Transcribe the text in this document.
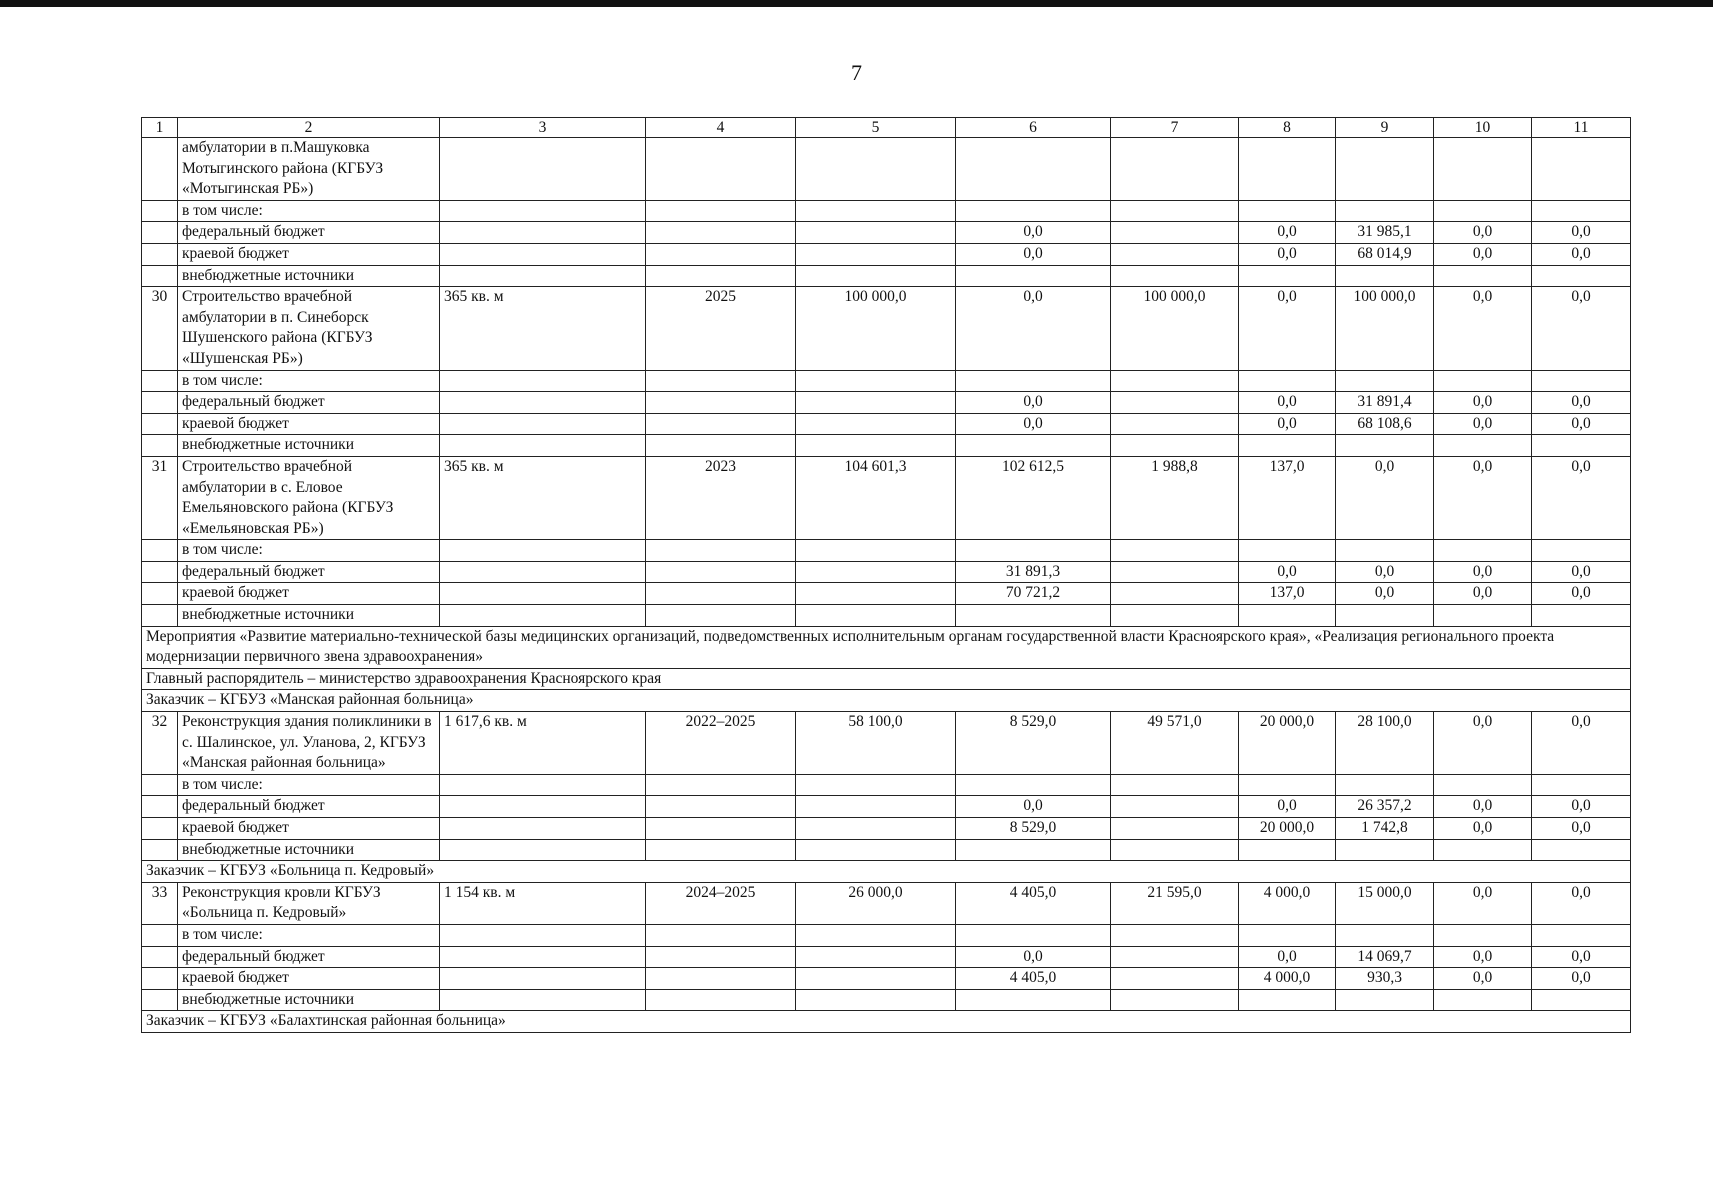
7
1	2	3	4	5	6	7	8	9	10	11
	амбулатории в п.Машуковка Мотыгинского района (КГБУЗ «Мотыгинская РБ»)									
	в том числе:									
	федеральный бюджет				0,0		0,0	31 985,1	0,0	0,0
	краевой бюджет				0,0		0,0	68 014,9	0,0	0,0
	внебюджетные источники									
30	Строительство врачебной амбулатории в п. Синеборск Шушенского района (КГБУЗ «Шушенская РБ»)	365 кв. м	2025	100 000,0	0,0	100 000,0	0,0	100 000,0	0,0	0,0
	в том числе:									
	федеральный бюджет				0,0		0,0	31 891,4	0,0	0,0
	краевой бюджет				0,0		0,0	68 108,6	0,0	0,0
	внебюджетные источники									
31	Строительство врачебной амбулатории в с. Еловое Емельяновского района (КГБУЗ «Емельяновская РБ»)	365 кв. м	2023	104 601,3	102 612,5	1 988,8	137,0	0,0	0,0	0,0
	в том числе:									
	федеральный бюджет				31 891,3		0,0	0,0	0,0	0,0
	краевой бюджет				70 721,2		137,0	0,0	0,0	0,0
	внебюджетные источники									
Мероприятия «Развитие материально-технической базы медицинских организаций, подведомственных исполнительным органам государственной власти Красноярского края», «Реализация регионального проекта модернизации первичного звена здравоохранения»										
Главный распорядитель – министерство здравоохранения Красноярского края										
Заказчик – КГБУЗ «Манская районная больница»										
32	Реконструкция здания поликлиники в с. Шалинское, ул. Уланова, 2, КГБУЗ «Манская районная больница»	1 617,6 кв. м	2022–2025	58 100,0	8 529,0	49 571,0	20 000,0	28 100,0	0,0	0,0
	в том числе:									
	федеральный бюджет				0,0		0,0	26 357,2	0,0	0,0
	краевой бюджет				8 529,0		20 000,0	1 742,8	0,0	0,0
	внебюджетные источники									
Заказчик – КГБУЗ «Больница п. Кедровый»										
33	Реконструкция кровли КГБУЗ «Больница п. Кедровый»	1 154 кв. м	2024–2025	26 000,0	4 405,0	21 595,0	4 000,0	15 000,0	0,0	0,0
	в том числе:									
	федеральный бюджет				0,0		0,0	14 069,7	0,0	0,0
	краевой бюджет				4 405,0		4 000,0	930,3	0,0	0,0
	внебюджетные источники									
Заказчик – КГБУЗ «Балахтинская районная больница»										
